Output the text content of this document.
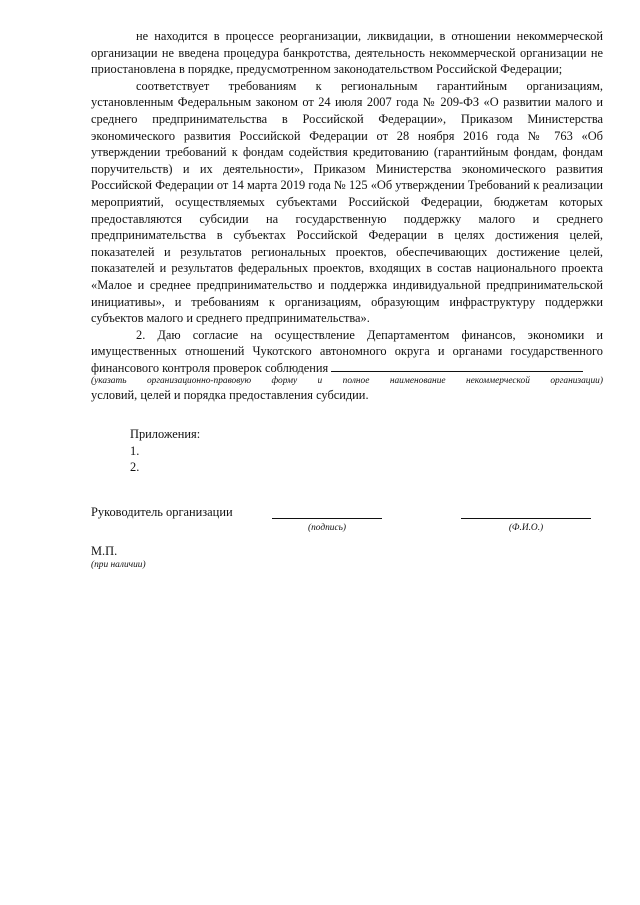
не находится в процессе реорганизации, ликвидации, в отношении некоммерческой организации не введена процедура банкротства, деятельность некоммерческой организации не приостановлена в порядке, предусмотренном законодательством Российской Федерации;

соответствует требованиям к региональным гарантийным организациям, установленным Федеральным законом от 24 июля 2007 года № 209-ФЗ «О развитии малого и среднего предпринимательства в Российской Федерации», Приказом Министерства экономического развития Российской Федерации от 28 ноября 2016 года № 763 «Об утверждении требований к фондам содействия кредитованию (гарантийным фондам, фондам поручительств) и их деятельности», Приказом Министерства экономического развития Российской Федерации от 14 марта 2019 года № 125 «Об утверждении Требований к реализации мероприятий, осуществляемых субъектами Российской Федерации, бюджетам которых предоставляются субсидии на государственную поддержку малого и среднего предпринимательства в субъектах Российской Федерации в целях достижения целей, показателей и результатов региональных проектов, обеспечивающих достижение целей, показателей и результатов федеральных проектов, входящих в состав национального проекта «Малое и среднее предпринимательство и поддержка индивидуальной предпринимательской инициативы», и требованиям к организациям, образующим инфраструктуру поддержки субъектов малого и среднего предпринимательства».

2. Даю согласие на осуществление Департаментом финансов, экономики и имущественных отношений Чукотского автономного округа и органами государственного финансового контроля проверок соблюдения

(указать организационно-правовую форму и полное наименование некоммерческой организации)

условий, целей и порядка предоставления субсидии.

Приложения:
1.
2.
Руководитель организации
(подпись)	(Ф.И.О.)
М.П.
(при наличии)
